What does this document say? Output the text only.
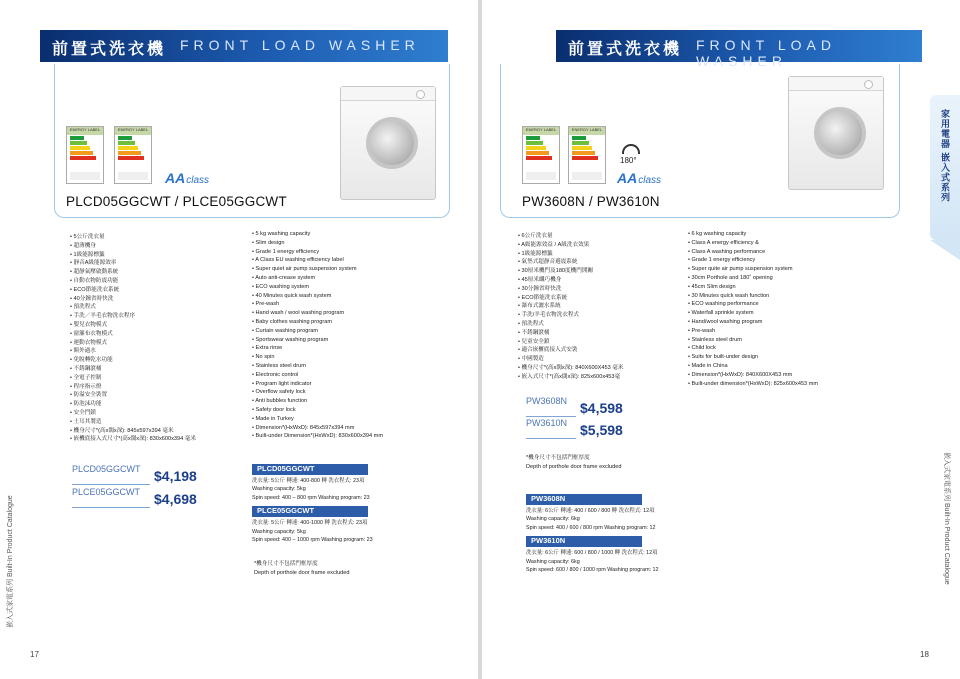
前置式洗衣機 FRONT LOAD WASHER
ENERGY LABEL	ENERGY LABEL
AAclass
PLCD05GGCWT / PLCE05GGCWT
• 5公斤洗衣量
• 超薄機身
• 1級能源標籤
• 靜音A級能源效率
• 超靜氣壓啟動系統
• 自動衣物防震功能
• ECO節能洗衣系統
• 40分鐘省時快洗
• 預洗程式
• 手洗／羊毛衣物洗衣程序
• 嬰兒衣物模式
• 窗簾布衣物模式
• 運動衣物模式
• 額外過水
• 免脫轉乾水功能
• 不銹鋼滾桶
• 全電子控制
• 程序指示燈
• 防溢安全裝置
• 防泡沫功能
• 安全門鎖
• 土耳其製造
• 機身尺寸*(高x闊x深): 845x597x394 毫米
• 嵌機底接入式尺寸*(高x闊x深): 830x600x394 毫米
• 5 kg washing capacity
• Slim design
• Grade 1 energy efficiency
• A Class EU washing efficiency label
• Super quiet air pump suspension system
• Auto anti-crease system
• ECO washing system
• 40 Minutes quick wash system
• Pre-wash
• Hand wash / wool washing program
• Baby clothes washing program
• Curtain washing program
• Sportswear washing program
• Extra rinse
• No spin
• Stainless steel drum
• Electronic control
• Program light indicator
• Overflow safety lock
• Anti bubbles function
• Safety door lock
• Made in Turkey
• Dimension*(HxWxD): 845x597x394 mm
• Built-under Dimension*(HxWxD): 830x600x394 mm
PLCD05GGCWT $4,198
PLCE05GGCWT $4,698
PLCD05GGCWT
洗衣量: 5公斤 轉速: 400-800 轉 洗衣程式: 23項
Washing capacity: 5kg
Spin speed: 400 – 800 rpm Washing program: 23
PLCE05GGCWT
洗衣量: 5公斤 轉速: 400-1000 轉 洗衣程式: 23項
Washing capacity: 5kg
Spin speed: 400 – 1000 rpm Washing program: 23
*機身尺寸不包括門框厚度
Depth of porthole door frame excluded
嵌入式家電系列 Built-In Product Catalogue
17
前置式洗衣機 FRONT LOAD WASHER
ENERGY LABEL	ENERGY LABEL
180°
AAclass
PW3608N / PW3610N
• 6公斤洗衣量
• A級能源效益 / A級洗衣效果
• 1級能源標籤
• 氣墊式超靜音避震系統
• 30厘米機門及180度機門開關
• 45厘米纖巧機身
• 30分鐘省時快洗
• ECO節能洗衣系統
• 瀑布式灑水系統
• 手洗/羊毛衣物洗衣程式
• 預洗程式
• 不銹鋼滾桶
• 兒童安全鎖
• 適合嵌櫃底接入式安裝
• 中國製造
• 機身尺寸*(高x闊x深): 840X600X453 毫米
• 嵌入式尺寸*(高x闊x深): 825x600x453毫
• 6 kg washing capacity
• Class A energy efficiency &
• Class A washing performance
• Grade 1 energy efficiency
• Super quite air pump suspension system
• 30cm Porthole and 180˚ opening
• 45cm Slim design
• 30 Minutes quick wash function
• ECO washing performance
• Waterfall sprinkle system
• Hand/wool washing program
• Pre-wash
• Stainless steel drum
• Child lock
• Suits for built-under design
• Made in China
• Dimension*(HxWxD): 840X600X453 mm
• Built-under dimension*(HxWxD): 825x600x453 mm
PW3608N $4,598
PW3610N $5,598
*機身尺寸不包括門框厚度
Depth of porthole door frame excluded
PW3608N
洗衣量: 6公斤 轉速: 400 / 600 / 800 轉 洗衣程式: 12項
Washing capacity: 6kg
Spin speed: 400 / 600 / 800 rpm Washing program: 12
PW3610N
洗衣量: 6公斤 轉速: 600 / 800 / 1000 轉 洗衣程式: 12項
Washing capacity: 6kg
Spin speed: 600 / 800 / 1000 rpm Washing program: 12
家用電器 嵌入式系列
嵌入式家電系列 Built-In Product Catalogue
18
